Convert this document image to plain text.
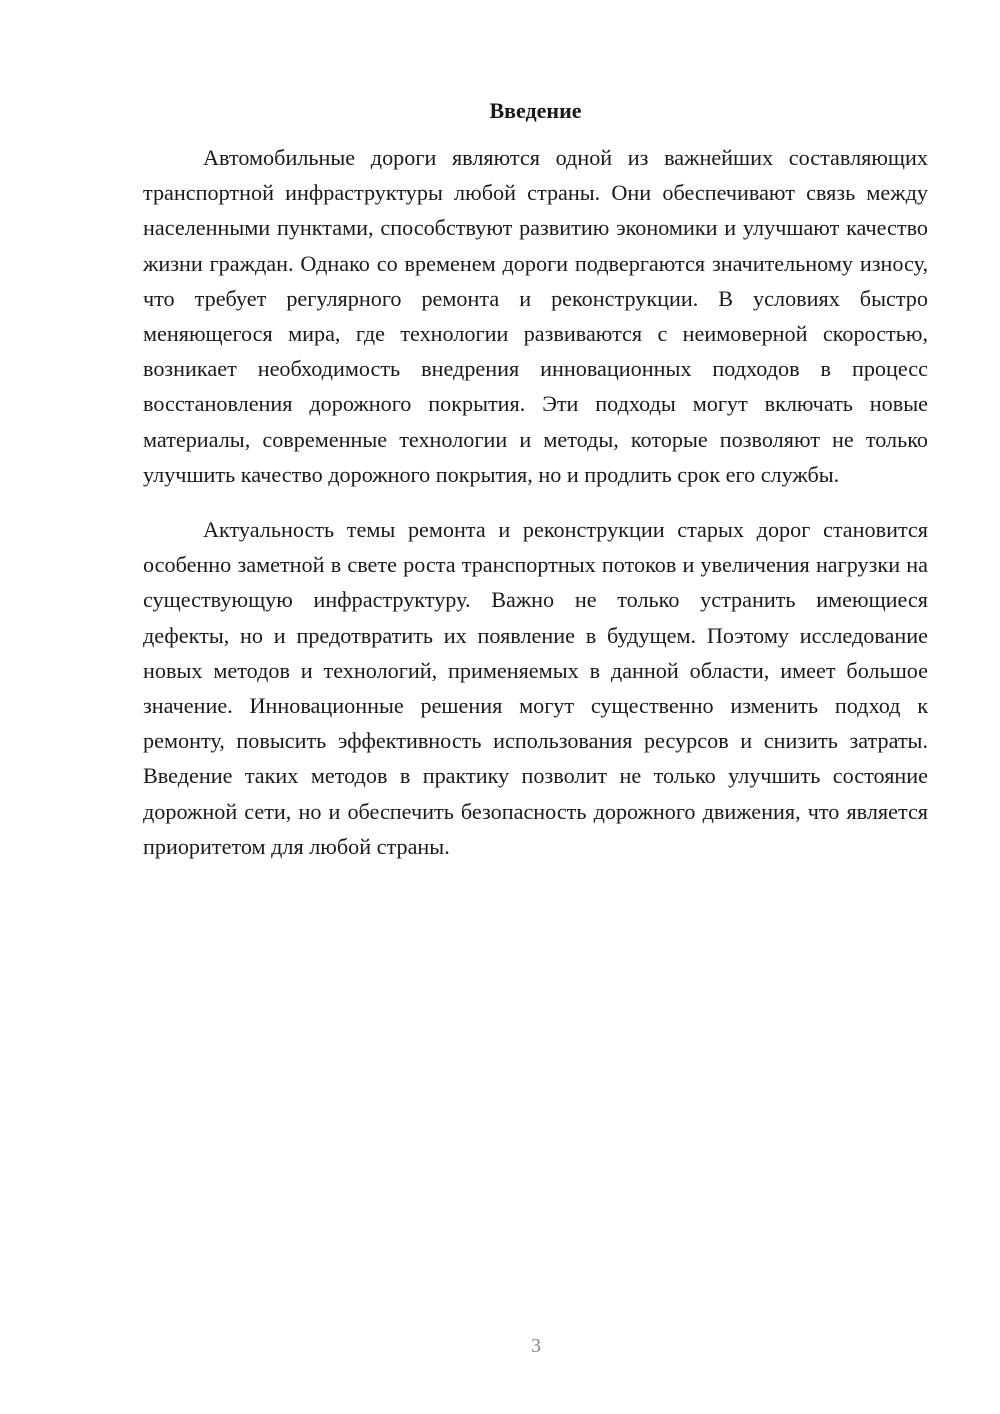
Введение

Автомобильные дороги являются одной из важнейших составляющих транспортной инфраструктуры любой страны. Они обеспечивают связь между населенными пунктами, способствуют развитию экономики и улучшают качество жизни граждан. Однако со временем дороги подвергаются значительному износу, что требует регулярного ремонта и реконструкции. В условиях быстро меняющегося мира, где технологии развиваются с неимоверной скоростью, возникает необходимость внедрения инновационных подходов в процесс восстановления дорожного покрытия. Эти подходы могут включать новые материалы, современные технологии и методы, которые позволяют не только улучшить качество дорожного покрытия, но и продлить срок его службы.

Актуальность темы ремонта и реконструкции старых дорог становится особенно заметной в свете роста транспортных потоков и увеличения нагрузки на существующую инфраструктуру. Важно не только устранить имеющиеся дефекты, но и предотвратить их появление в будущем. Поэтому исследование новых методов и технологий, применяемых в данной области, имеет большое значение. Инновационные решения могут существенно изменить подход к ремонту, повысить эффективность использования ресурсов и снизить затраты. Введение таких методов в практику позволит не только улучшить состояние дорожной сети, но и обеспечить безопасность дорожного движения, что является приоритетом для любой страны.

3
